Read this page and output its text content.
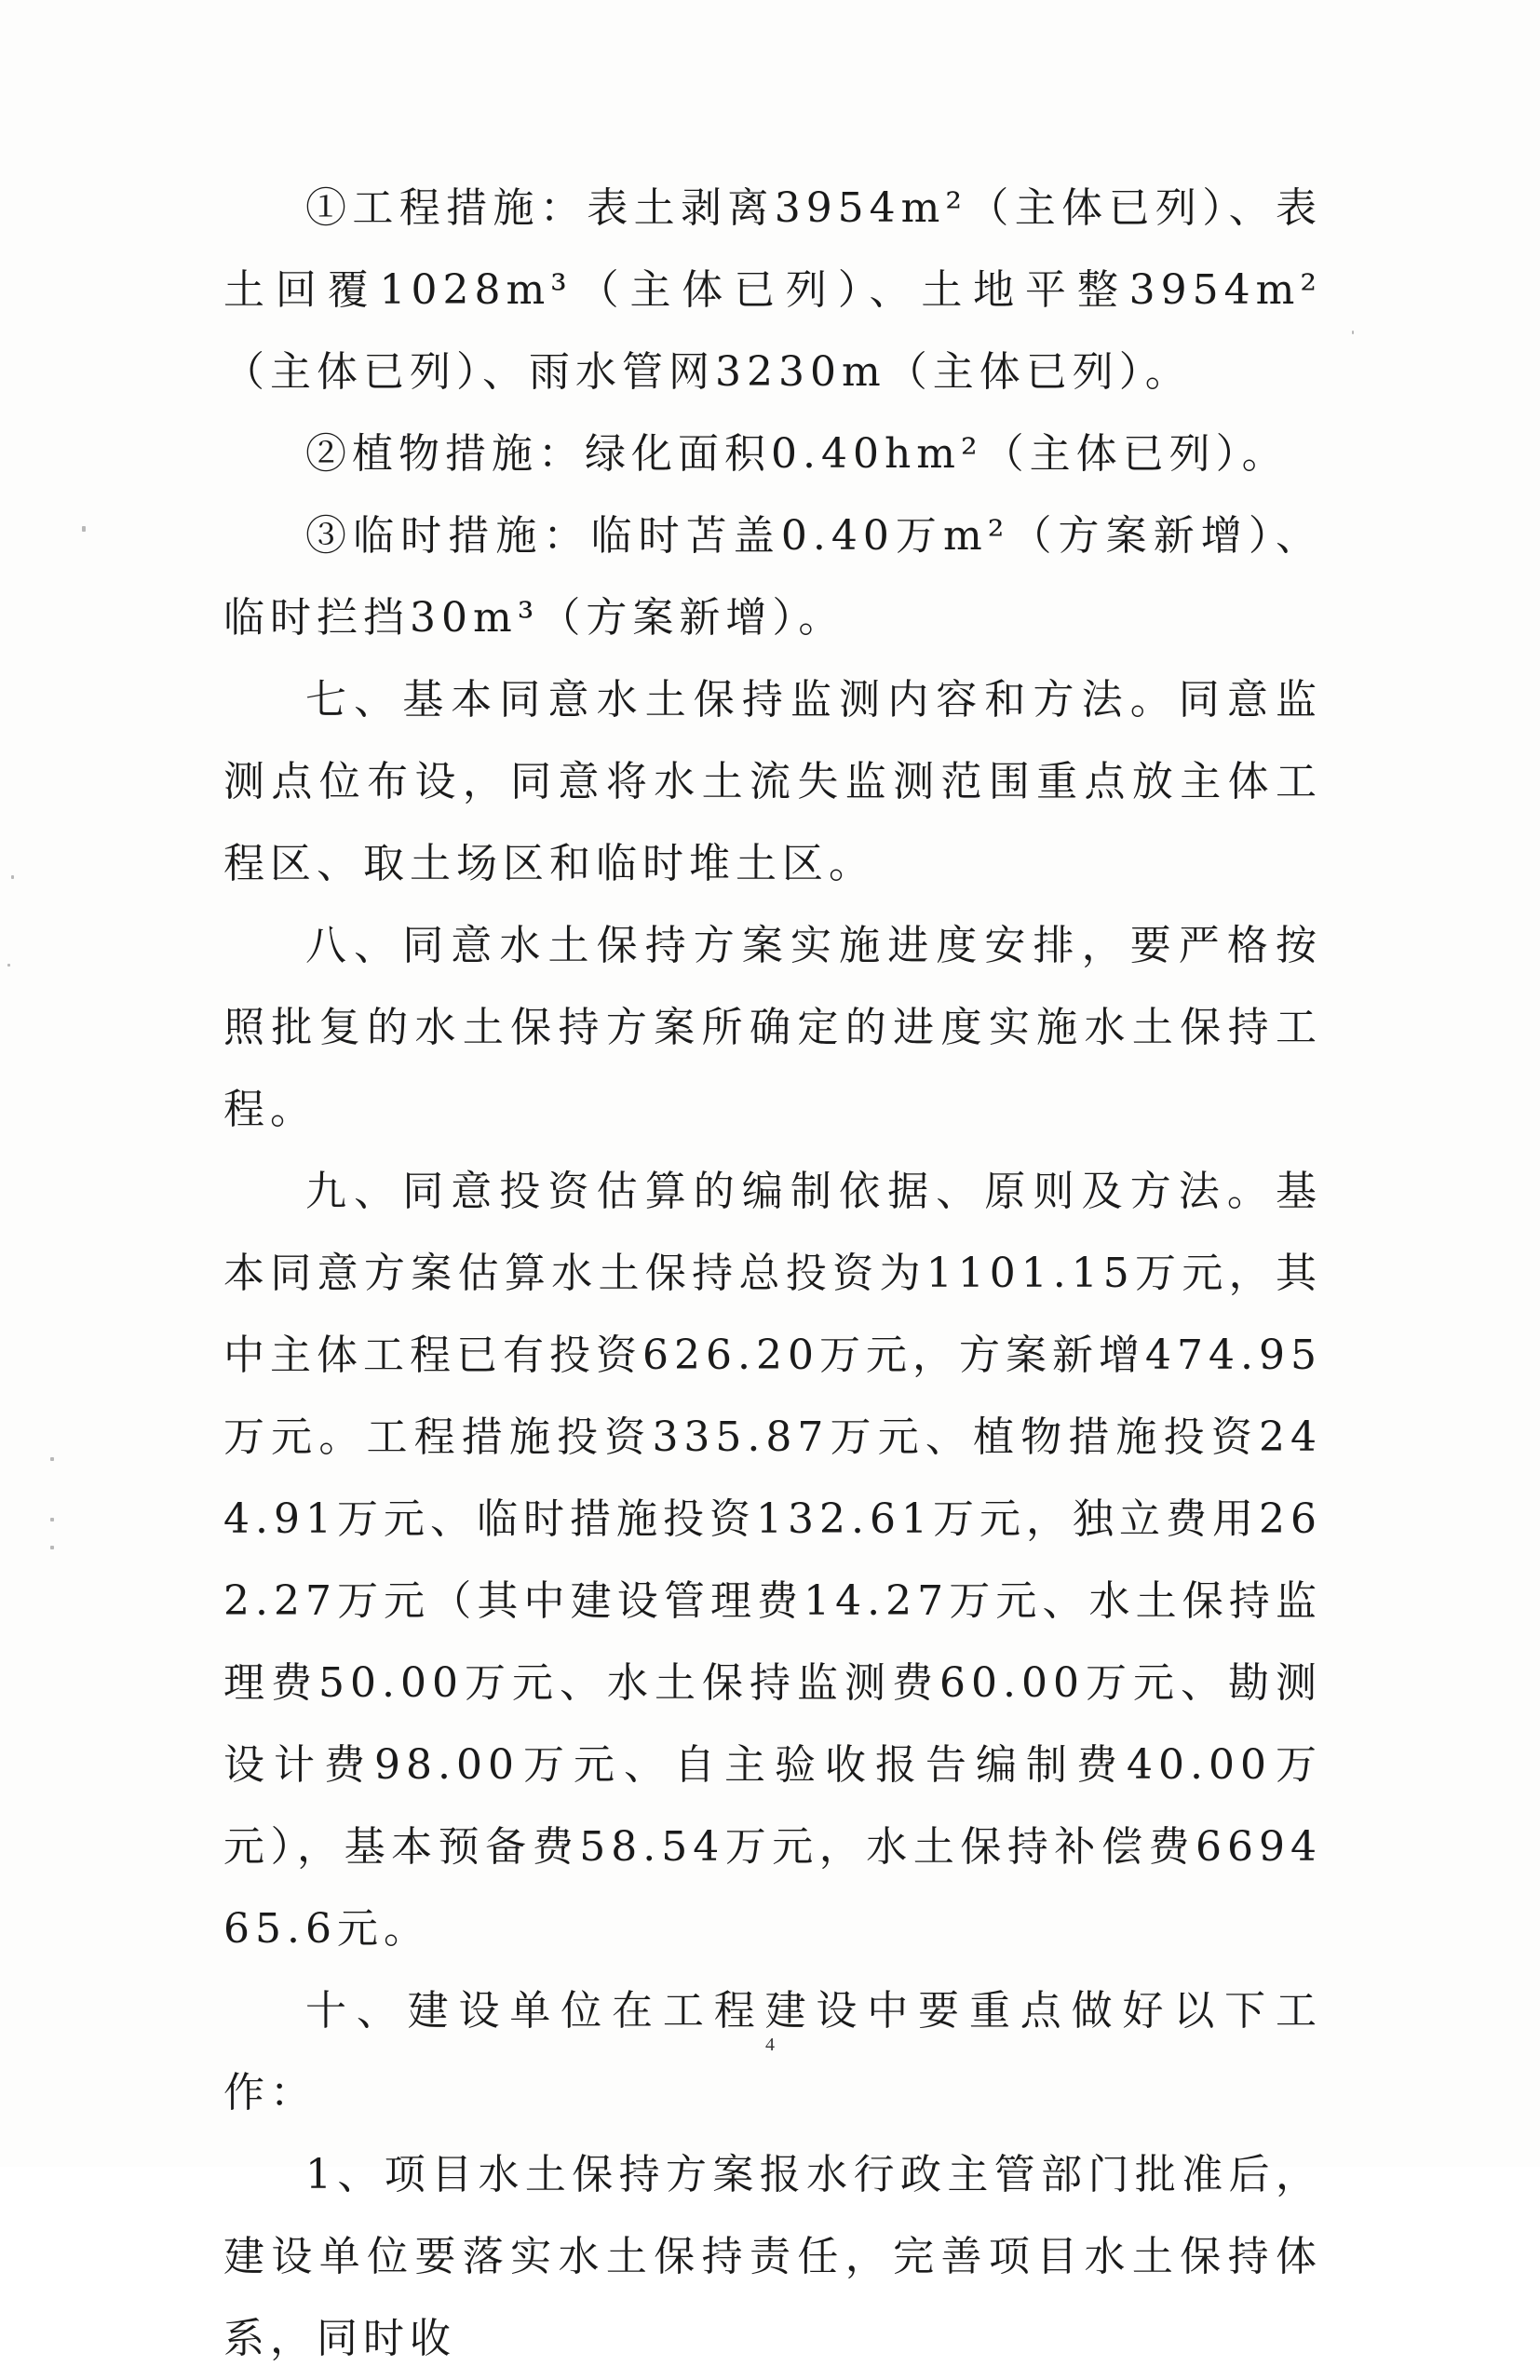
①工程措施：表土剥离3954m²（主体已列）、表土回覆1028m³（主体已列）、土地平整3954m²（主体已列）、雨水管网3230m（主体已列）。

②植物措施：绿化面积0.40hm²（主体已列）。

③临时措施：临时苫盖0.40万m²（方案新增）、临时拦挡30m³（方案新增）。

七、基本同意水土保持监测内容和方法。同意监测点位布设，同意将水土流失监测范围重点放主体工程区、取土场区和临时堆土区。

八、同意水土保持方案实施进度安排，要严格按照批复的水土保持方案所确定的进度实施水土保持工程。

九、同意投资估算的编制依据、原则及方法。基本同意方案估算水土保持总投资为1101.15万元，其中主体工程已有投资626.20万元，方案新增474.95万元。工程措施投资335.87万元、植物措施投资244.91万元、临时措施投资132.61万元，独立费用262.27万元（其中建设管理费14.27万元、水土保持监理费50.00万元、水土保持监测费60.00万元、勘测设计费98.00万元、自主验收报告编制费40.00万元），基本预备费58.54万元，水土保持补偿费669465.6元。

十、建设单位在工程建设中要重点做好以下工作：

1、项目水土保持方案报水行政主管部门批准后，建设单位要落实水土保持责任，完善项目水土保持体系，同时收

4
